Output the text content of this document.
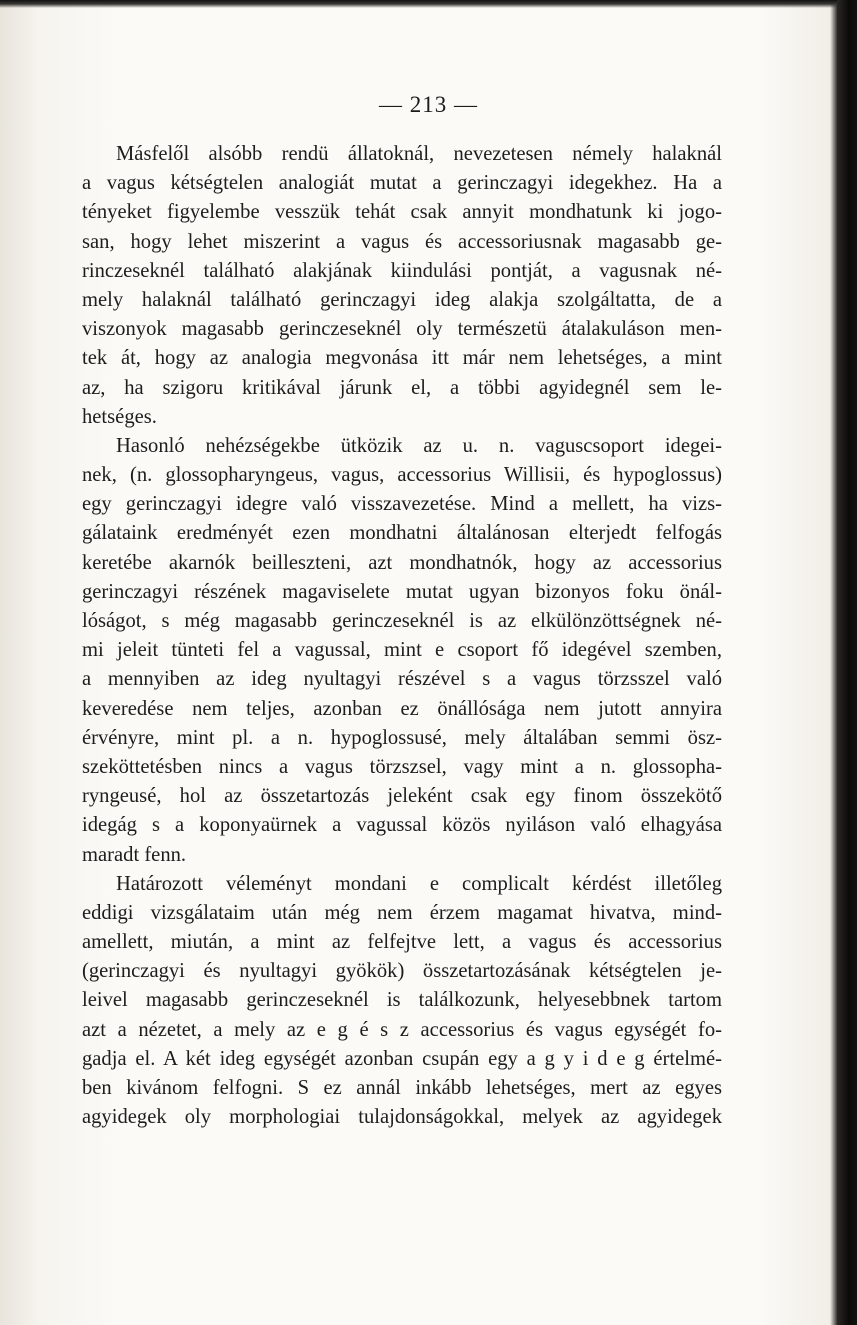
— 213 —
Másfelől alsóbb rendü állatoknál, nevezetesen némely halaknál
a vagus kétségtelen analogiát mutat a gerinczagyi idegekhez. Ha a
tényeket figyelembe vesszük tehát csak annyit mondhatunk ki jogo-
san, hogy lehet miszerint a vagus és accessoriusnak magasabb ge-
rinczeseknél található alakjának kiindulási pontját, a vagusnak né-
mely halaknál található gerinczagyi ideg alakja szolgáltatta, de a
viszonyok magasabb gerinczeseknél oly természetü átalakuláson men-
tek át, hogy az analogia megvonása itt már nem lehetséges, a mint
az, ha szigoru kritikával járunk el, a többi agyidegnél sem le-
hetséges.
Hasonló nehézségekbe ütközik az u. n. vaguscsoport idegei-
nek, (n. glossopharyngeus, vagus, accessorius Willisii, és hypoglossus)
egy gerinczagyi idegre való visszavezetése. Mind a mellett, ha vizs-
gálataink eredményét ezen mondhatni általánosan elterjedt felfogás
keretébe akarnók beilleszteni, azt mondhatnók, hogy az accessorius
gerinczagyi részének magaviselete mutat ugyan bizonyos foku önál-
lóságot, s még magasabb gerinczeseknél is az elkülönzöttségnek né-
mi jeleit tünteti fel a vagussal, mint e csoport fő idegével szemben,
a mennyiben az ideg nyultagyi részével s a vagus törzsszel való
keveredése nem teljes, azonban ez önállósága nem jutott annyira
érvényre, mint pl. a n. hypoglossusé, mely általában semmi ösz-
szeköttetésben nincs a vagus törzszsel, vagy mint a n. glossopha-
ryngeusé, hol az összetartozás jeleként csak egy finom összekötő
idegág s a koponyaürnek a vagussal közös nyiláson való elhagyása
maradt fenn.
Határozott véleményt mondani e complicalt kérdést illetőleg
eddigi vizsgálataim után még nem érzem magamat hivatva, mind-
amellett, miután, a mint az felfejtve lett, a vagus és accessorius
(gerinczagyi és nyultagyi gyökök) összetartozásának kétségtelen je-
leivel magasabb gerinczeseknél is találkozunk, helyesebbnek tartom
azt a nézetet, a mely az e g é s z accessorius és vagus egységét fo-
gadja el. A két ideg egységét azonban csupán egy a g y i d e g értelmé-
ben kivánom felfogni. S ez annál inkább lehetséges, mert az egyes
agyidegek oly morphologiai tulajdonságokkal, melyek az agyidegek
